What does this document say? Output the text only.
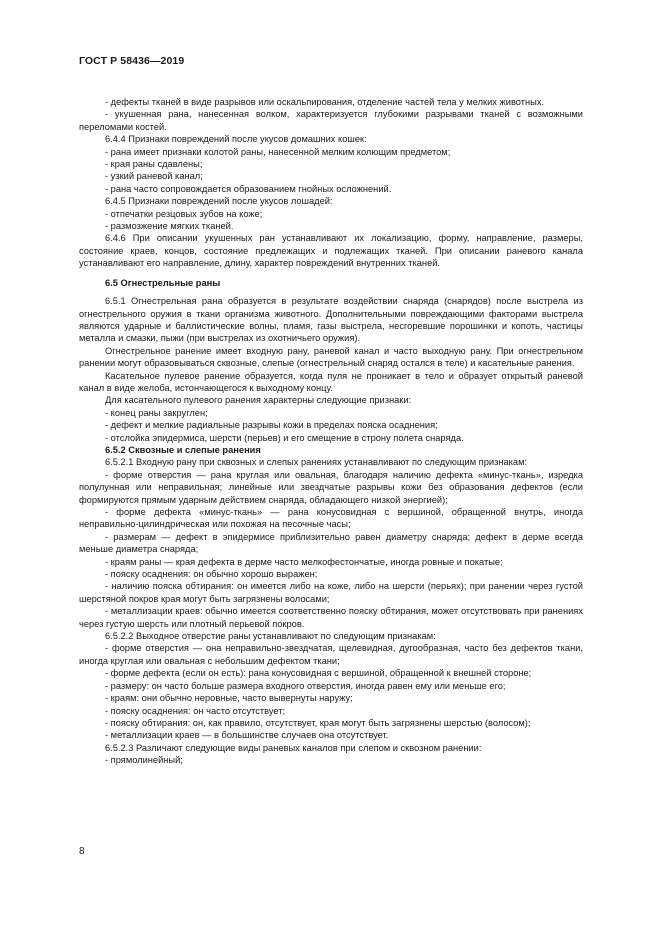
ГОСТ Р 58436—2019

- дефекты тканей в виде разрывов или оскальпирования, отделение частей тела у мелких животных.

- укушенная рана, нанесенная волком, характеризуется глубокими разрывами тканей с возможными переломами костей.

6.4.4 Признаки повреждений после укусов домашних кошек:

- рана имеет признаки колотой раны, нанесенной мелким колющим предметом;

- края раны сдавлены;

- узкий раневой канал;

- рана часто сопровождается образованием гнойных осложнений.

6.4.5 Признаки повреждений после укусов лошадей:

- отпечатки резцовых зубов на коже;

- размозжение мягких тканей.

6.4.6 При описании укушенных ран устанавливают их локализацию, форму, направление, размеры, состояние краев, концов, состояние предлежащих и подлежащих тканей. При описании раневого канала устанавливают его направление, длину, характер повреждений внутренних тканей.

6.5 Огнестрельные раны

6.5.1 Огнестрельная рана образуется в результате воздействии снаряда (снарядов) после выстрела из огнестрельного оружия в ткани организма животного. Дополнительными повреждающими факторами выстрела являются ударные и баллистические волны, пламя, газы выстрела, несгоревшие порошинки и копоть, частицы металла и смазки, пыжи (при выстрелах из охотничьего оружия).

Огнестрельное ранение имеет входную рану, раневой канал и часто выходную рану. При огнестрельном ранении могут образовываться сквозные, слепые (огнестрельный снаряд остался в теле) и касательные ранения.

Касательное пулевое ранение образуется, когда пуля не проникает в тело и образует открытый раневой канал в виде желоба, истончающегося к выходному концу.

Для касательного пулевого ранения характерны следующие признаки:

- конец раны закруглен;

- дефект и мелкие радиальные разрывы кожи в пределах пояска осаднения;

- отслойка эпидермиса, шерсти (перьев) и его смещение в строну полета снаряда.

6.5.2 Сквозные и слепые ранения

6.5.2.1 Входную рану при сквозных и слепых ранениях устанавливают по следующим признакам:

- форме отверстия — рана круглая или овальная, благодаря наличию дефекта «минус-ткань», изредка полулунная или неправильная; линейные или звездчатые разрывы кожи без образования дефектов (если формируются прямым ударным действием снаряда, обладающего низкой энергией);

- форме дефекта «минус-ткань» — рана конусовидная с вершиной, обращенной внутрь, иногда неправильно-цилиндрическая или похожая на песочные часы;

- размерам — дефект в эпидермисе приблизительно равен диаметру снаряда; дефект в дерме всегда меньше диаметра снаряда;

- краям раны — края дефекта в дерме часто мелкофестончатые, иногда ровные и покатые;

- пояску осаднения: он обычно хорошо выражен;

- наличию пояска обтирания: он имеется либо на коже, либо на шерсти (перьях); при ранении через густой шерстяной покров края могут быть загрязнены волосами;

- металлизации краев: обычно имеется соответственно пояску обтирания, может отсутствовать при ранениях через густую шерсть или плотный перьевой покров.

6.5.2.2 Выходное отверстие раны устанавливают по следующим признакам:

- форме отверстия — она неправильно-звездчатая, щелевидная, дугообразная, часто без дефектов ткани, иногда круглая или овальная с небольшим дефектом ткани;

- форме дефекта (если он есть): рана конусовидная с вершиной, обращенной к внешней стороне;

- размеру: он часто больше размера входного отверстия, иногда равен ему или меньше его;

- краям: они обычно неровные, часто вывернуты наружу;

- пояску осаднения: он часто отсутствует;

- пояску обтирания: он, как правило, отсутствует, края могут быть загрязнены шерстью (волосом);

- металлизации краев — в большинстве случаев она отсутствует.

6.5.2.3 Различают следующие виды раневых каналов при слепом и сквозном ранении:

- прямолинейный;

8
